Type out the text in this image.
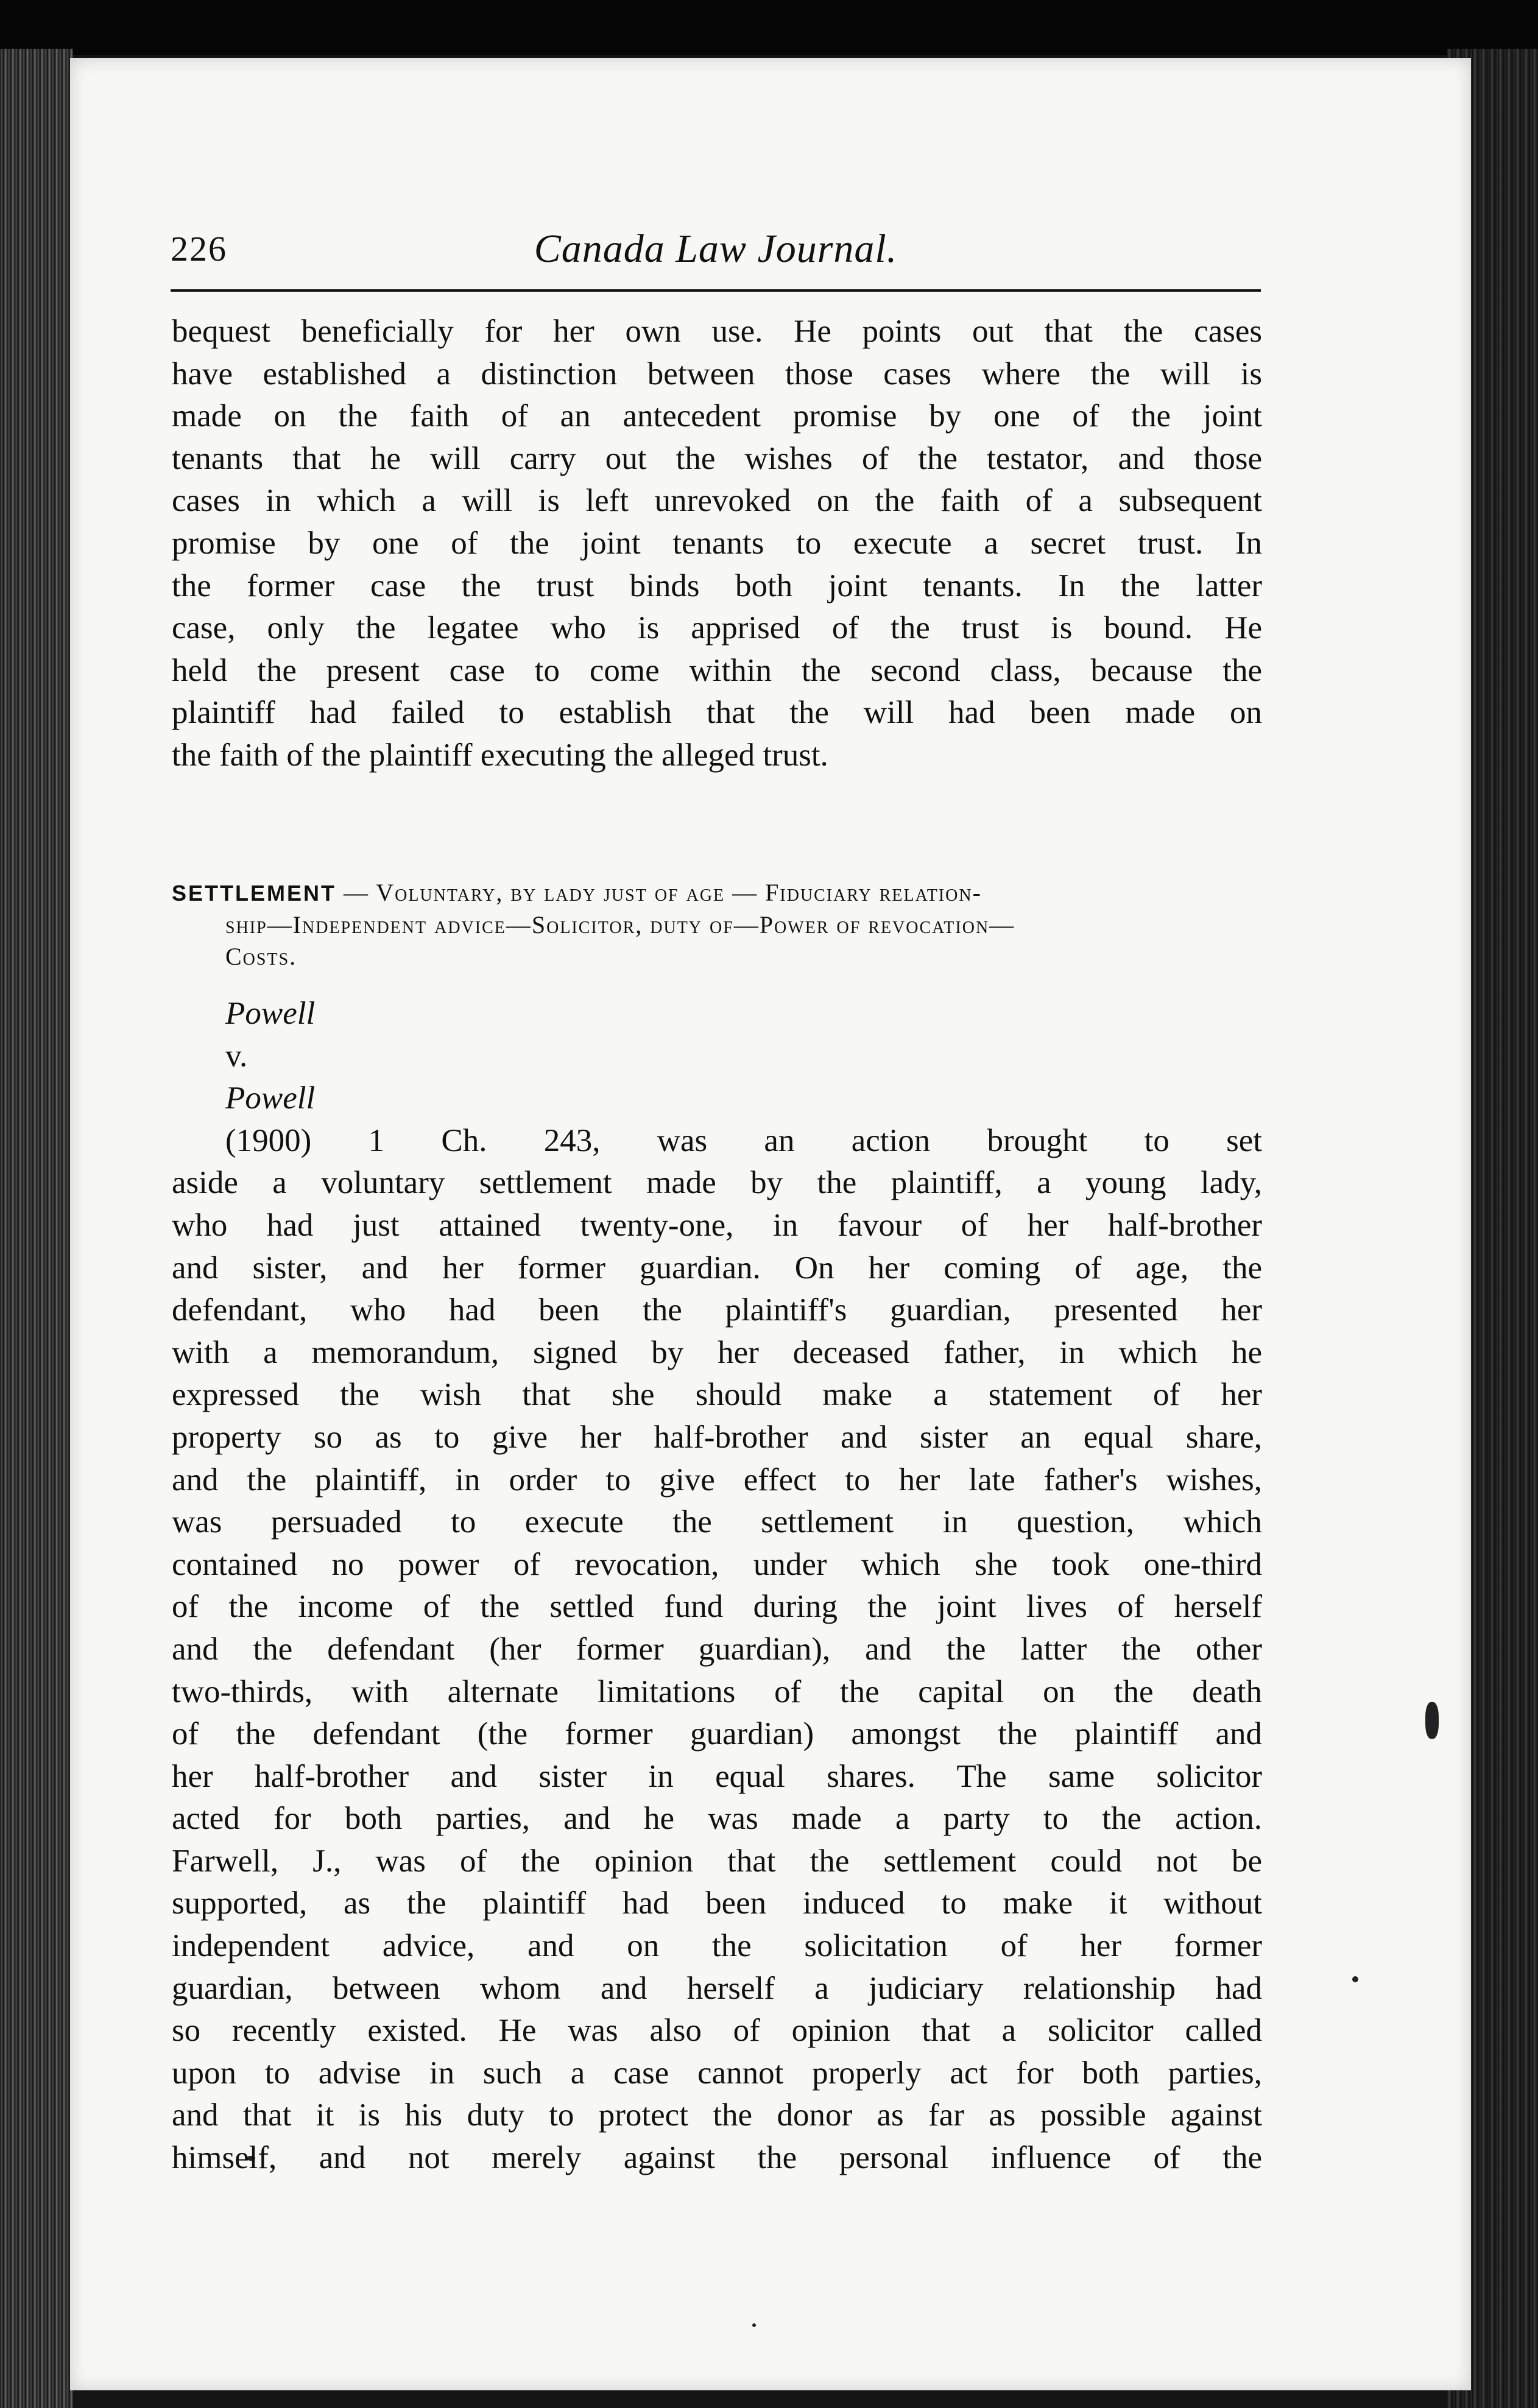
226	Canada Law Journal.
bequest beneficially for her own use. He points out that the cases
have established a distinction between those cases where the will is
made on the faith of an antecedent promise by one of the joint
tenants that he will carry out the wishes of the testator, and those
cases in which a will is left unrevoked on the faith of a subsequent
promise by one of the joint tenants to execute a secret trust. In
the former case the trust binds both joint tenants. In the latter
case, only the legatee who is apprised of the trust is bound. He
held the present case to come within the second class, because the
plaintiff had failed to establish that the will had been made on
the faith of the plaintiff executing the alleged trust.
SETTLEMENT — Voluntary, by lady just of age — Fiduciary relation-
ship—Independent advice—Solicitor, duty of—Power of revocation—
Costs.
Powell
v.
Powell
(1900) 1 Ch. 243, was an action brought to set
aside a voluntary settlement made by the plaintiff, a young lady,
who had just attained twenty-one, in favour of her half-brother
and sister, and her former guardian. On her coming of age, the
defendant, who had been the plaintiff's guardian, presented her
with a memorandum, signed by her deceased father, in which he
expressed the wish that she should make a statement of her
property so as to give her half-brother and sister an equal share,
and the plaintiff, in order to give effect to her late father's wishes,
was persuaded to execute the settlement in question, which
contained no power of revocation, under which she took one-third
of the income of the settled fund during the joint lives of herself
and the defendant (her former guardian), and the latter the other
two-thirds, with alternate limitations of the capital on the death
of the defendant (the former guardian) amongst the plaintiff and
her half-brother and sister in equal shares. The same solicitor
acted for both parties, and he was made a party to the action.
Farwell, J., was of the opinion that the settlement could not be
supported, as the plaintiff had been induced to make it without
independent advice, and on the solicitation of her former
guardian, between whom and herself a judiciary relationship had
so recently existed. He was also of opinion that a solicitor called
upon to advise in such a case cannot properly act for both parties,
and that it is his duty to protect the donor as far as possible against
himself, and not merely against the personal influence of the
